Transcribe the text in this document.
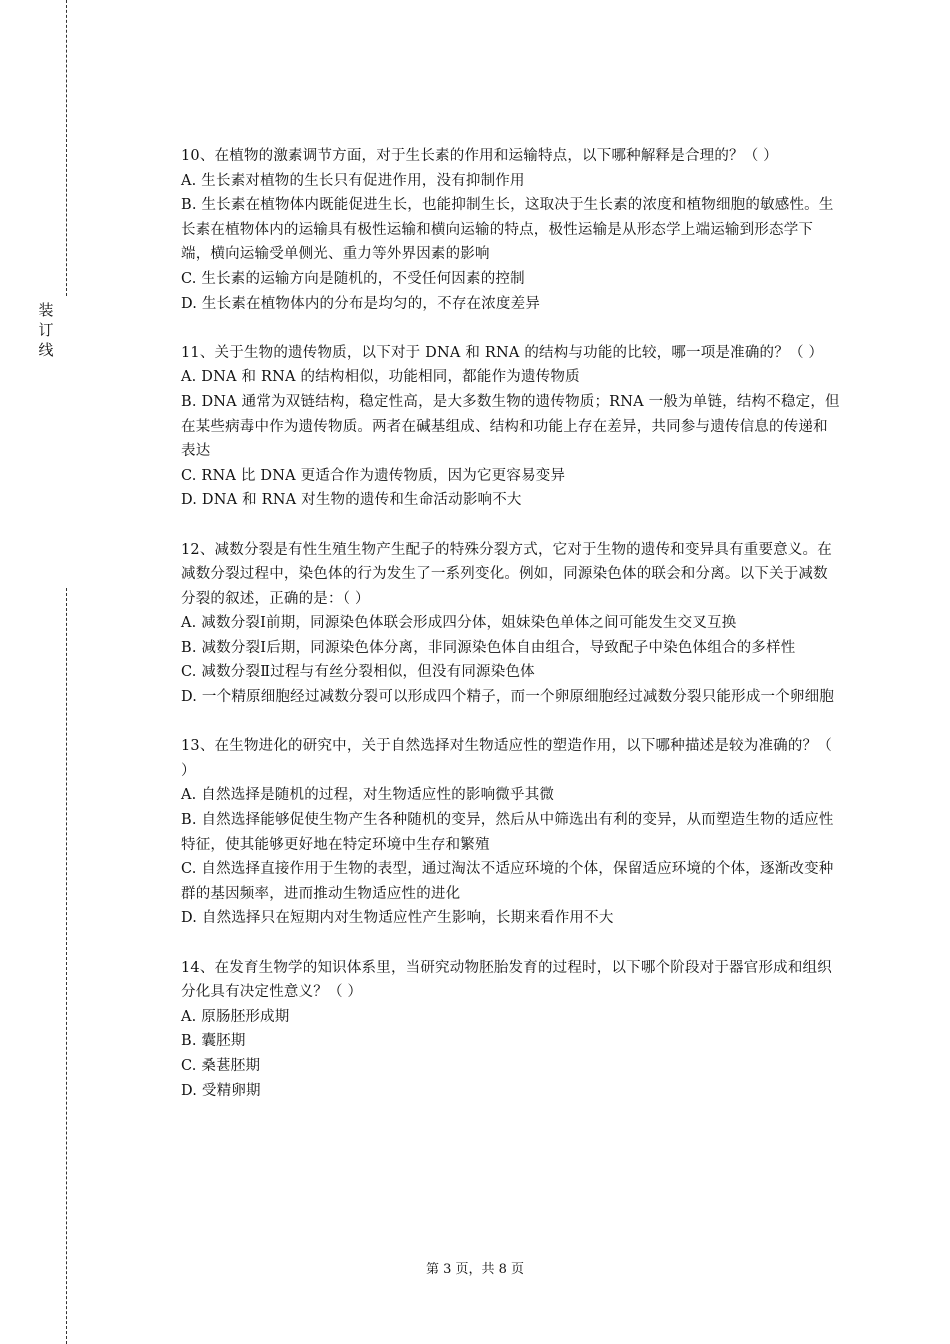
装订线

10、在植物的激素调节方面，对于生长素的作用和运输特点，以下哪种解释是合理的？（ ）

A. 生长素对植物的生长只有促进作用，没有抑制作用

B. 生长素在植物体内既能促进生长，也能抑制生长，这取决于生长素的浓度和植物细胞的敏感性。生长素在植物体内的运输具有极性运输和横向运输的特点，极性运输是从形态学上端运输到形态学下端，横向运输受单侧光、重力等外界因素的影响

C. 生长素的运输方向是随机的，不受任何因素的控制

D. 生长素在植物体内的分布是均匀的，不存在浓度差异

11、关于生物的遗传物质，以下对于 DNA 和 RNA 的结构与功能的比较，哪一项是准确的？（ ）

A. DNA 和 RNA 的结构相似，功能相同，都能作为遗传物质

B. DNA 通常为双链结构，稳定性高，是大多数生物的遗传物质；RNA 一般为单链，结构不稳定，但在某些病毒中作为遗传物质。两者在碱基组成、结构和功能上存在差异，共同参与遗传信息的传递和表达

C. RNA 比 DNA 更适合作为遗传物质，因为它更容易变异

D. DNA 和 RNA 对生物的遗传和生命活动影响不大

12、减数分裂是有性生殖生物产生配子的特殊分裂方式，它对于生物的遗传和变异具有重要意义。在减数分裂过程中，染色体的行为发生了一系列变化。例如，同源染色体的联会和分离。以下关于减数分裂的叙述，正确的是：（ ）

A. 减数分裂Ⅰ前期，同源染色体联会形成四分体，姐妹染色单体之间可能发生交叉互换

B. 减数分裂Ⅰ后期，同源染色体分离，非同源染色体自由组合，导致配子中染色体组合的多样性

C. 减数分裂Ⅱ过程与有丝分裂相似，但没有同源染色体

D. 一个精原细胞经过减数分裂可以形成四个精子，而一个卵原细胞经过减数分裂只能形成一个卵细胞

13、在生物进化的研究中，关于自然选择对生物适应性的塑造作用，以下哪种描述是较为准确的？（ ）

A. 自然选择是随机的过程，对生物适应性的影响微乎其微

B. 自然选择能够促使生物产生各种随机的变异，然后从中筛选出有利的变异，从而塑造生物的适应性特征，使其能够更好地在特定环境中生存和繁殖

C. 自然选择直接作用于生物的表型，通过淘汰不适应环境的个体，保留适应环境的个体，逐渐改变种群的基因频率，进而推动生物适应性的进化

D. 自然选择只在短期内对生物适应性产生影响，长期来看作用不大

14、在发育生物学的知识体系里，当研究动物胚胎发育的过程时，以下哪个阶段对于器官形成和组织分化具有决定性意义？（ ）

A. 原肠胚形成期

B. 囊胚期

C. 桑葚胚期

D. 受精卵期

第 3 页，共 8 页
